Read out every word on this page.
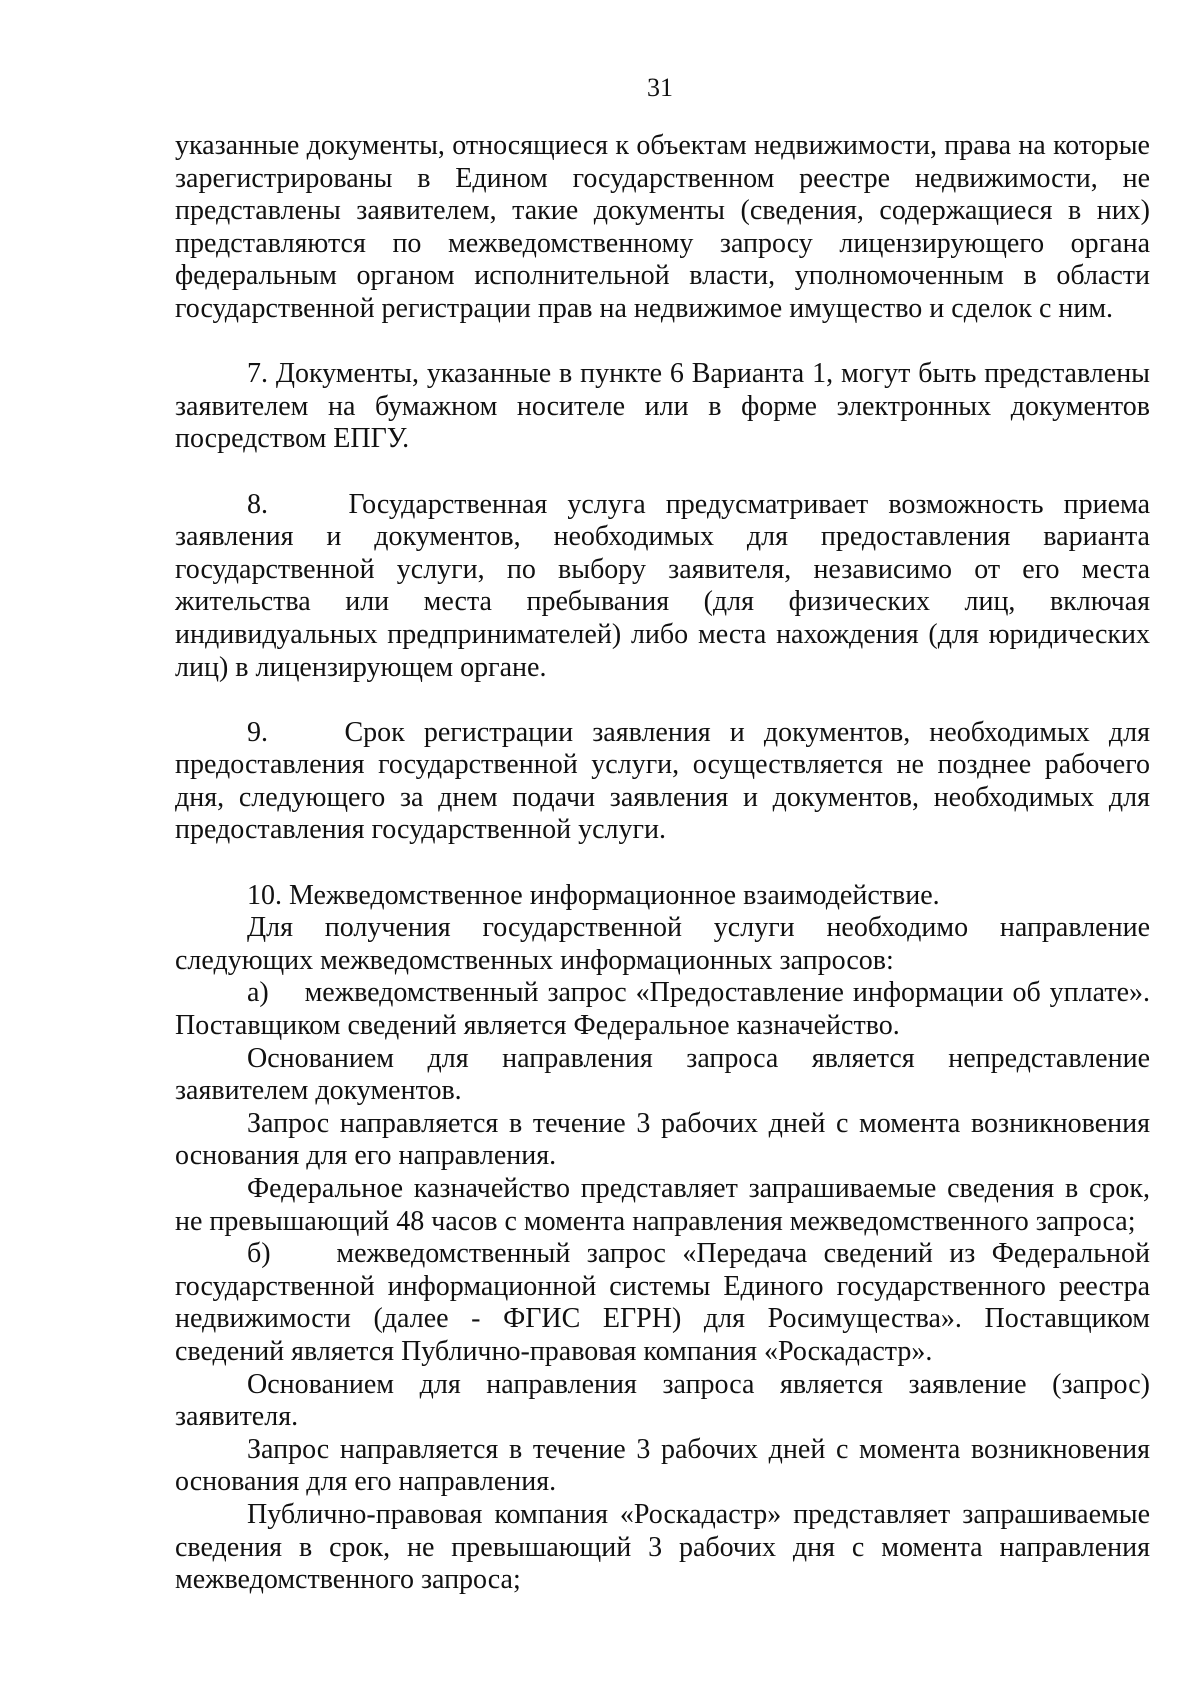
31

указанные документы, относящиеся к объектам недвижимости, права на которые зарегистрированы в Едином государственном реестре недвижимости, не представлены заявителем, такие документы (сведения, содержащиеся в них) представляются по межведомственному запросу лицензирующего органа федеральным органом исполнительной власти, уполномоченным в области государственной регистрации прав на недвижимое имущество и сделок с ним.

7. Документы, указанные в пункте 6 Варианта 1, могут быть представлены заявителем на бумажном носителе или в форме электронных документов посредством ЕПГУ.

8.    Государственная услуга предусматривает возможность приема заявления и документов, необходимых для предоставления варианта государственной услуги, по выбору заявителя, независимо от его места жительства или места пребывания (для физических лиц, включая индивидуальных предпринимателей) либо места нахождения (для юридических лиц) в лицензирующем органе.

9.    Срок регистрации заявления и документов, необходимых для предоставления государственной услуги, осуществляется не позднее рабочего дня, следующего за днем подачи заявления и документов, необходимых для предоставления государственной услуги.

10. Межведомственное информационное взаимодействие.

Для получения государственной услуги необходимо направление следующих межведомственных информационных запросов:

а)    межведомственный запрос «Предоставление информации об уплате». Поставщиком сведений является Федеральное казначейство.

Основанием для направления запроса является непредставление заявителем документов.

Запрос направляется в течение 3 рабочих дней с момента возникновения основания для его направления.

Федеральное казначейство представляет запрашиваемые сведения в срок, не превышающий 48 часов с момента направления межведомственного запроса;

б)    межведомственный запрос «Передача сведений из Федеральной государственной информационной системы Единого государственного реестра недвижимости (далее - ФГИС ЕГРН) для Росимущества». Поставщиком сведений является Публично-правовая компания «Роскадастр».

Основанием для направления запроса является заявление (запрос) заявителя.

Запрос направляется в течение 3 рабочих дней с момента возникновения основания для его направления.

Публично-правовая компания «Роскадастр» представляет запрашиваемые сведения в срок, не превышающий 3 рабочих дня с момента направления межведомственного запроса;
